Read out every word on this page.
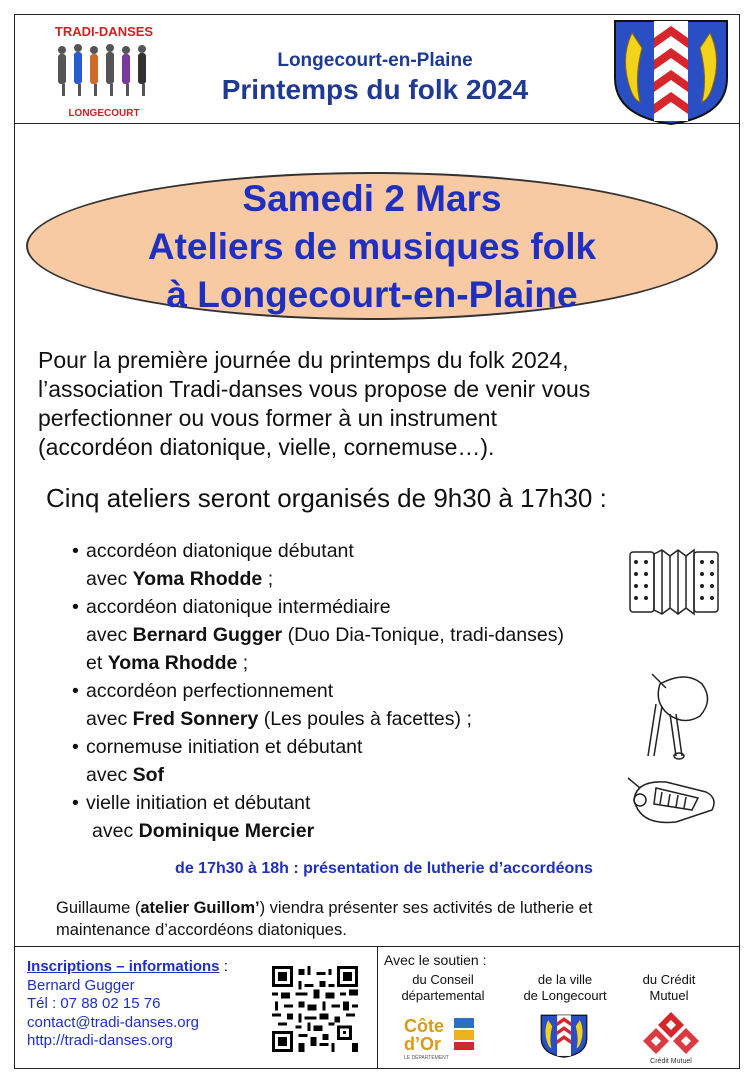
TRADI-DANSES
LONGECOURT
Longecourt-en-Plaine
Printemps du folk 2024
Samedi 2 Mars
Ateliers de musiques folk
à Longecourt-en-Plaine
Pour la première journée du printemps du folk 2024,
l’association Tradi-danses vous propose de venir vous
perfectionner ou vous former à un instrument
(accordéon diatonique, vielle, cornemuse…).
Cinq ateliers seront organisés de 9h30 à 17h30 :
• accordéon diatonique débutant
avec Yoma Rhodde ;
• accordéon diatonique intermédiaire
avec Bernard Gugger (Duo Dia-Tonique, tradi-danses)
et Yoma Rhodde ;
• accordéon perfectionnement
avec Fred Sonnery (Les poules à facettes) ;
• cornemuse initiation et débutant
avec Sof
• vielle initiation et débutant
avec Dominique Mercier
de 17h30 à 18h : présentation de lutherie d’accordéons
Guillaume (atelier Guillom’) viendra présenter ses activités de lutherie et
maintenance d’accordéons diatoniques.
Inscriptions – informations :
Bernard Gugger
Tél : 07 88 02 15 76
contact@tradi-danses.org
http://tradi-danses.org
Avec le soutien :
du Conseil
départemental
de la ville
de Longecourt
du Crédit
Mutuel
Côte
d’Or
LE DÉPARTEMENT	Crédit Mutuel
